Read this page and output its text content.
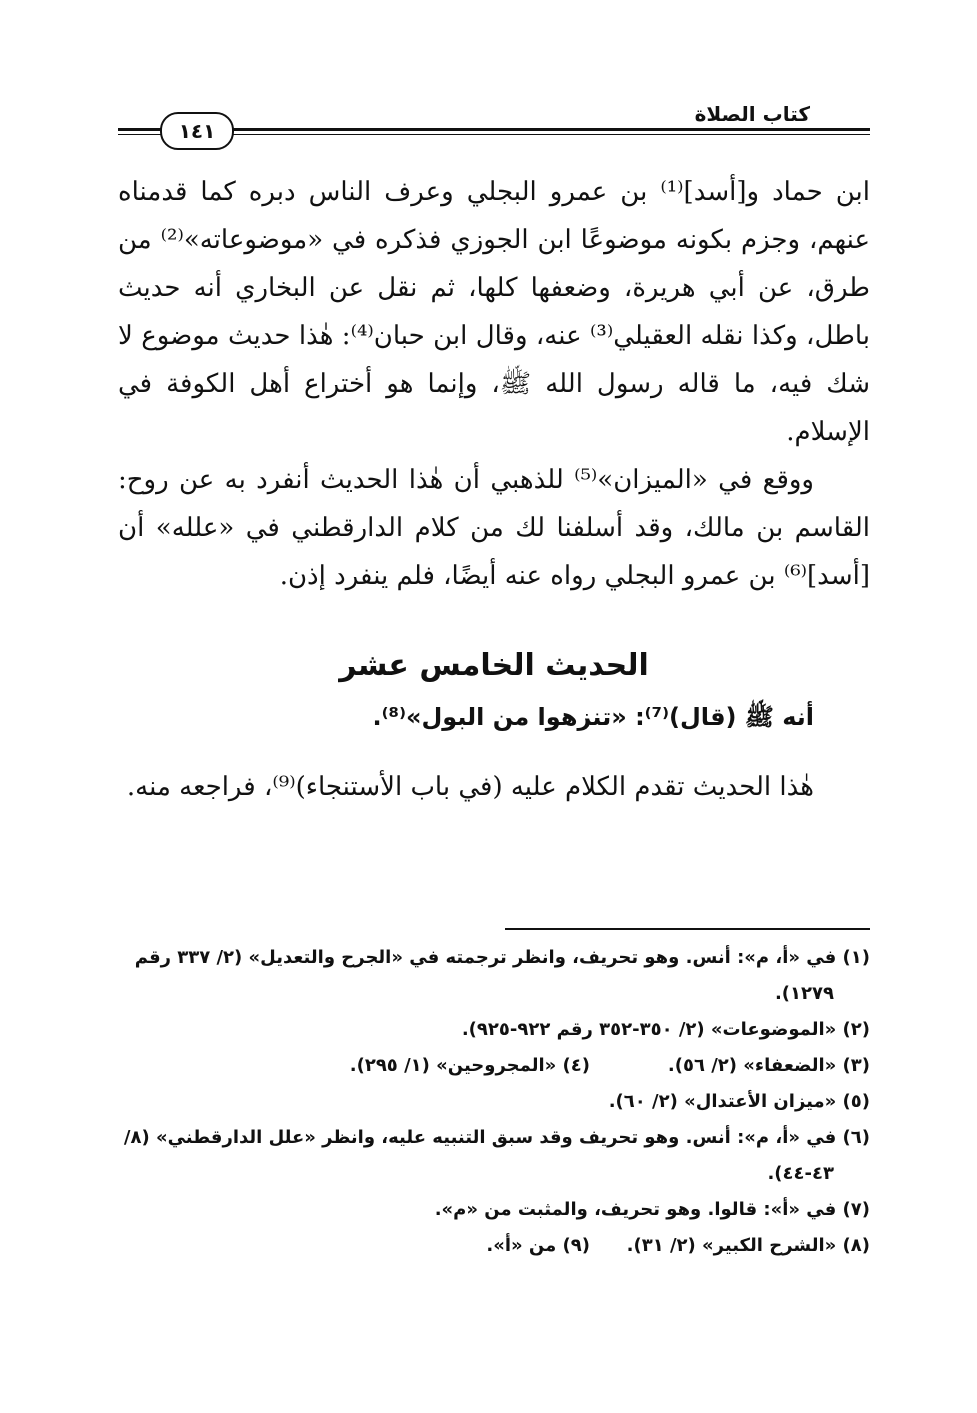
١٤١
كتاب الصلاة

ابن حماد و[أسد]⁽¹⁾ بن عمرو البجلي وعرف الناس دبره كما قدمناه عنهم، وجزم بكونه موضوعًا ابن الجوزي فذكره في «موضوعاته»⁽²⁾ من طرق، عن أبي هريرة، وضعفها كلها، ثم نقل عن البخاري أنه حديث باطل، وكذا نقله العقيلي⁽³⁾ عنه، وقال ابن حبان⁽⁴⁾: هٰذا حديث موضوع لا شك فيه، ما قاله رسول الله ﷺ، وإنما هو أختراع أهل الكوفة في الإسلام.

ووقع في «الميزان»⁽⁵⁾ للذهبي أن هٰذا الحديث أنفرد به عن روح: القاسم بن مالك، وقد أسلفنا لك من كلام الدارقطني في «علله» أن [أسد]⁽⁶⁾ بن عمرو البجلي رواه عنه أيضًا، فلم ينفرد إذن.

الحديث الخامس عشر
أنه ﷺ (قال)⁽⁷⁾: «تنزهوا من البول»⁽⁸⁾.

هٰذا الحديث تقدم الكلام عليه (في باب الأستنجاء)⁽⁹⁾، فراجعه منه.

(١) في «أ، م»: أنس. وهو تحريف، وانظر ترجمته في «الجرح والتعديل» (٢/ ٣٣٧ رقم

١٢٧٩).

(٢) «الموضوعات» (٢/ ٣٥٠-٣٥٢ رقم ٩٢٢-٩٢٥).

(٣) «الضعفاء» (٢/ ٥٦).

(٤) «المجروحين» (١/ ٢٩٥).

(٥) «ميزان الأعتدال» (٢/ ٦٠).

(٦) في «أ، م»: أنس. وهو تحريف وقد سبق التنبيه عليه، وانظر «علل الدارقطني» (٨/

٤٣-٤٤).

(٧) في «أ»: قالوا. وهو تحريف، والمثبت من «م».

(٨) «الشرح الكبير» (٢/ ٣١).

(٩) من «أ».
